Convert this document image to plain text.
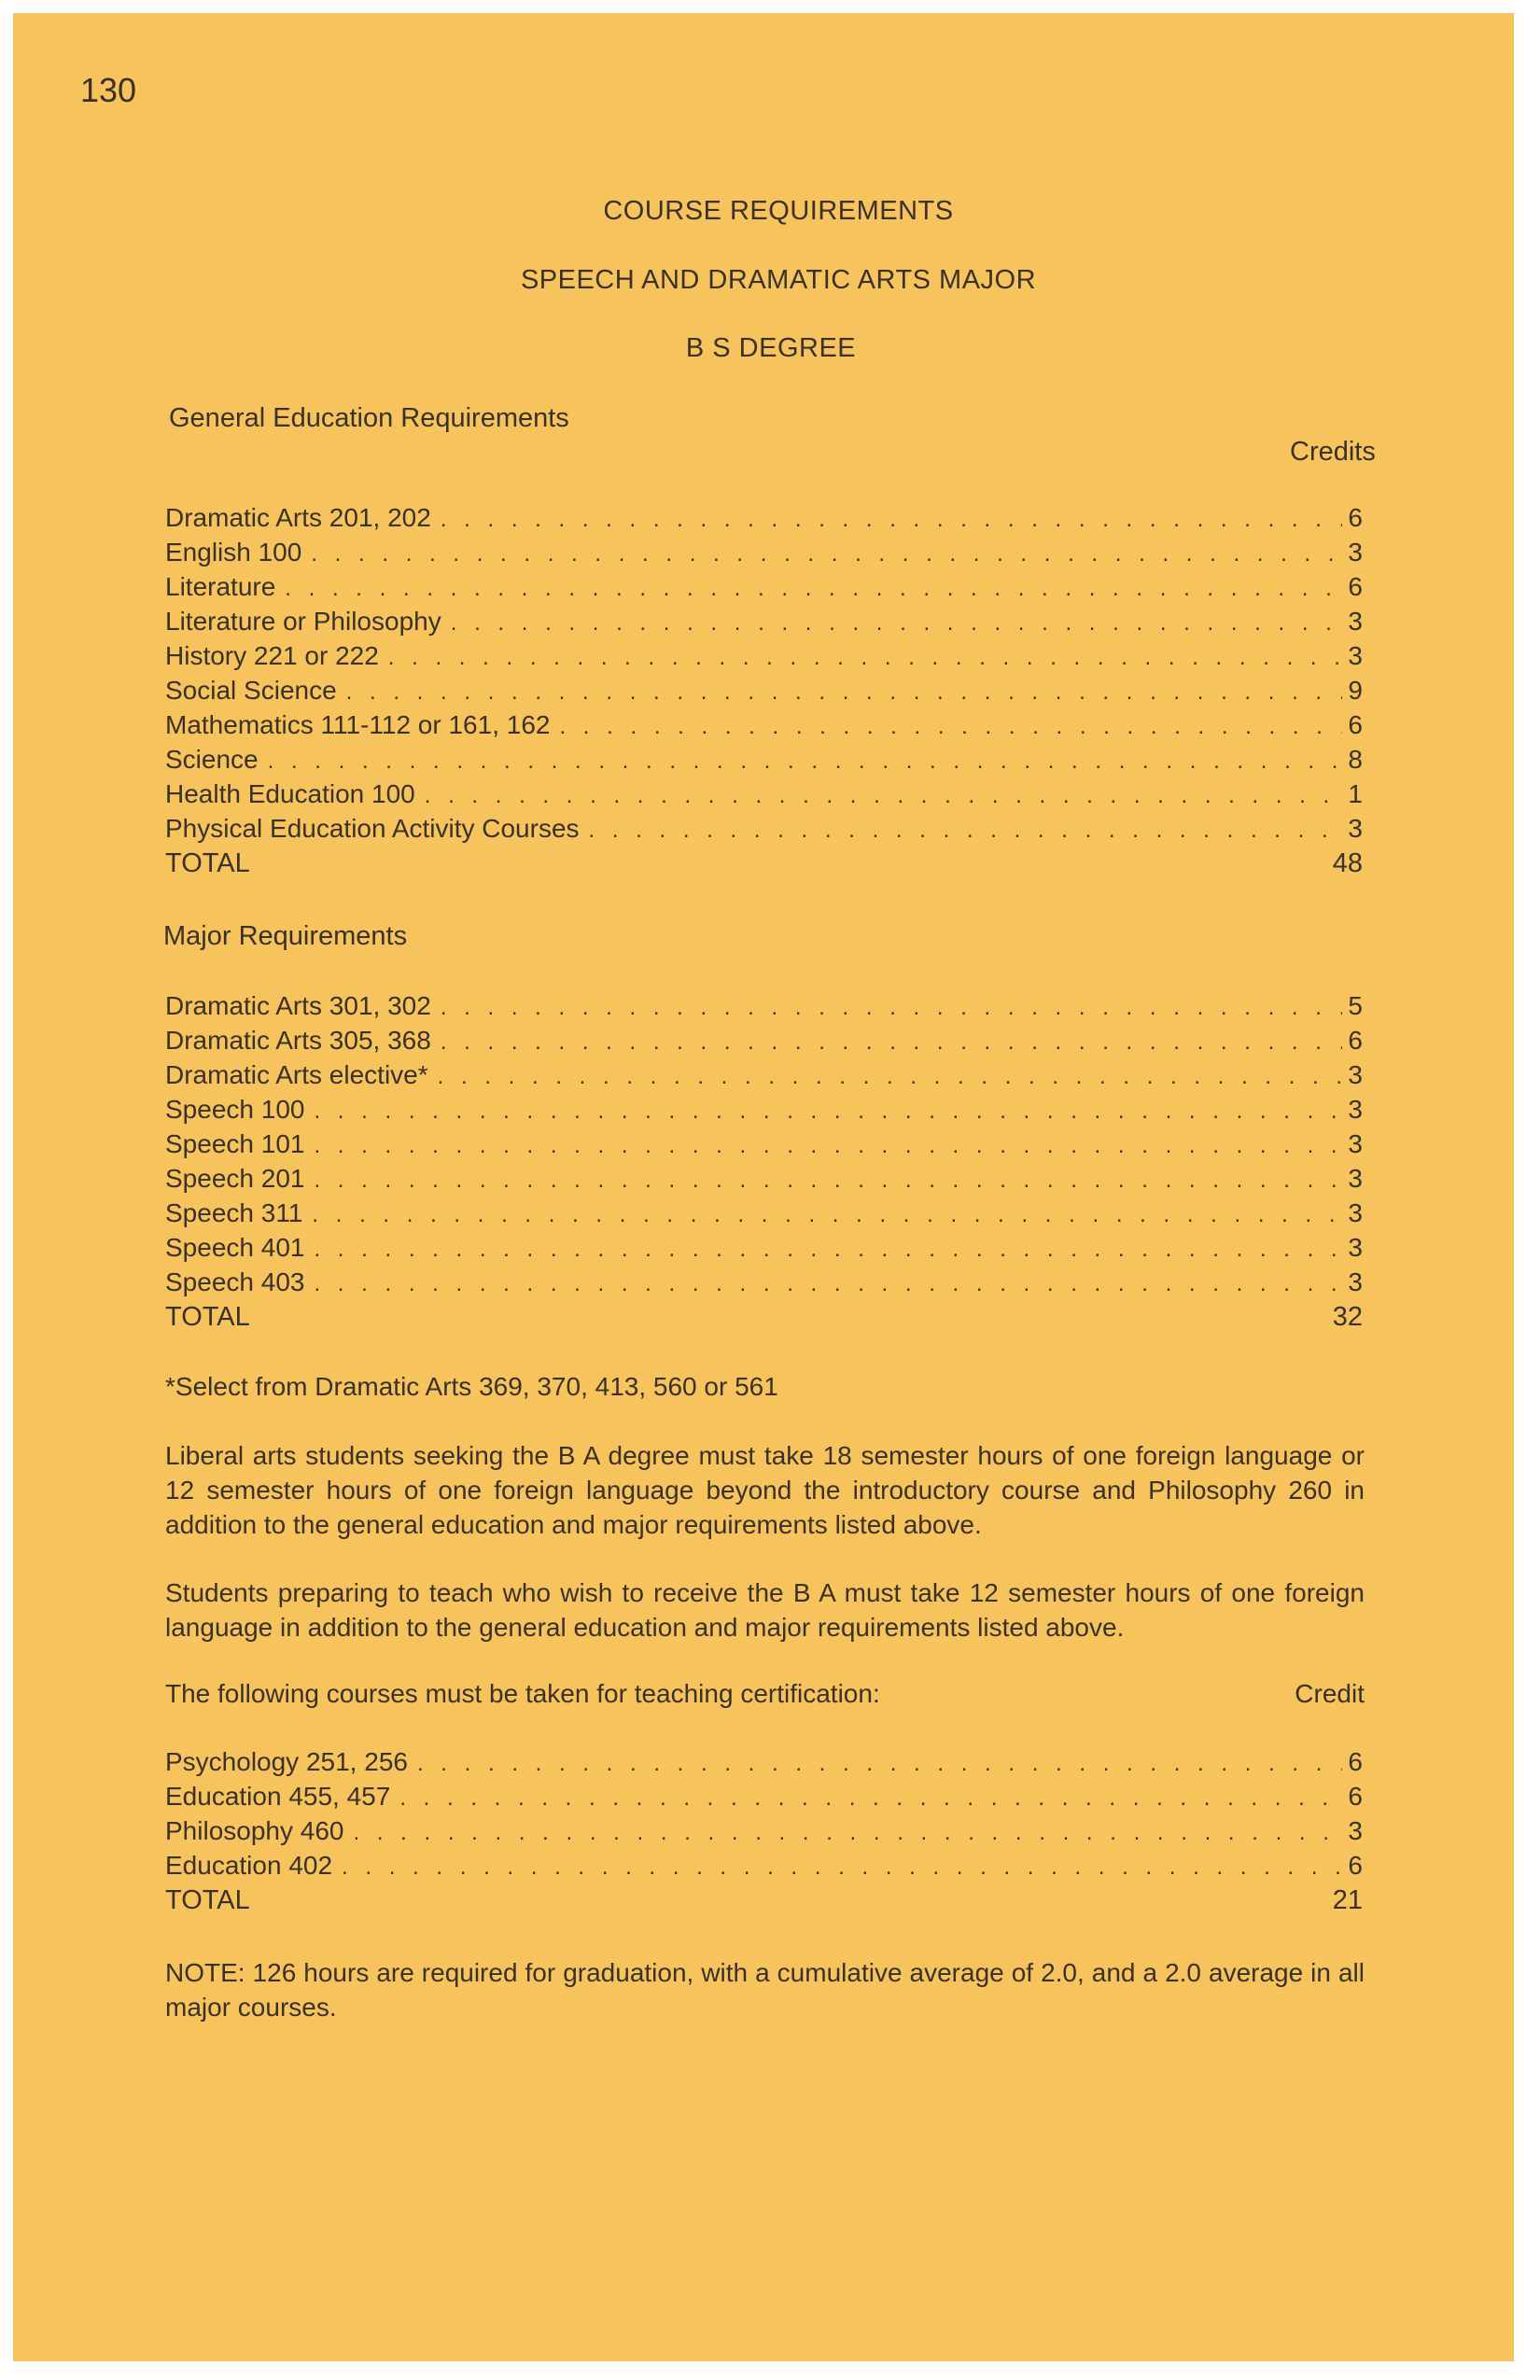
130
COURSE REQUIREMENTS
SPEECH AND DRAMATIC ARTS MAJOR
B S DEGREE
General Education Requirements
Credits
Dramatic Arts 201, 202 . . .	6
English 100 . . .	3
Literature . . .	6
Literature or Philosophy . . .	3
History 221 or 222 . . .	3
Social Science . . .	9
Mathematics 111-112 or 161, 162 . . .	6
Science . . .	8
Health Education 100 . . .	1
Physical Education Activity Courses . . .	3
TOTAL	48
Major Requirements
Dramatic Arts 301, 302 . . .	5
Dramatic Arts 305, 368 . . .	6
Dramatic Arts elective* . . .	3
Speech 100 . . .	3
Speech 101 . . .	3
Speech 201 . . .	3
Speech 311 . . .	3
Speech 401 . . .	3
Speech 403 . . .	3
TOTAL	32
*Select from Dramatic Arts 369, 370, 413, 560 or 561

Liberal arts students seeking the B A degree must take 18 semester hours of one foreign language or 12 semester hours of one foreign language beyond the introductory course and Philosophy 260 in addition to the general education and major requirements listed above.

Students preparing to teach who wish to receive the B A must take 12 semester hours of one foreign language in addition to the general education and major requirements listed above.

The following courses must be taken for teaching certification:	Credit
Psychology 251, 256 . . .	6
Education 455, 457 . . .	6
Philosophy 460 . . .	3
Education 402 . . .	6
TOTAL	21

NOTE: 126 hours are required for graduation, with a cumulative average of 2.0, and a 2.0 average in all major courses.
